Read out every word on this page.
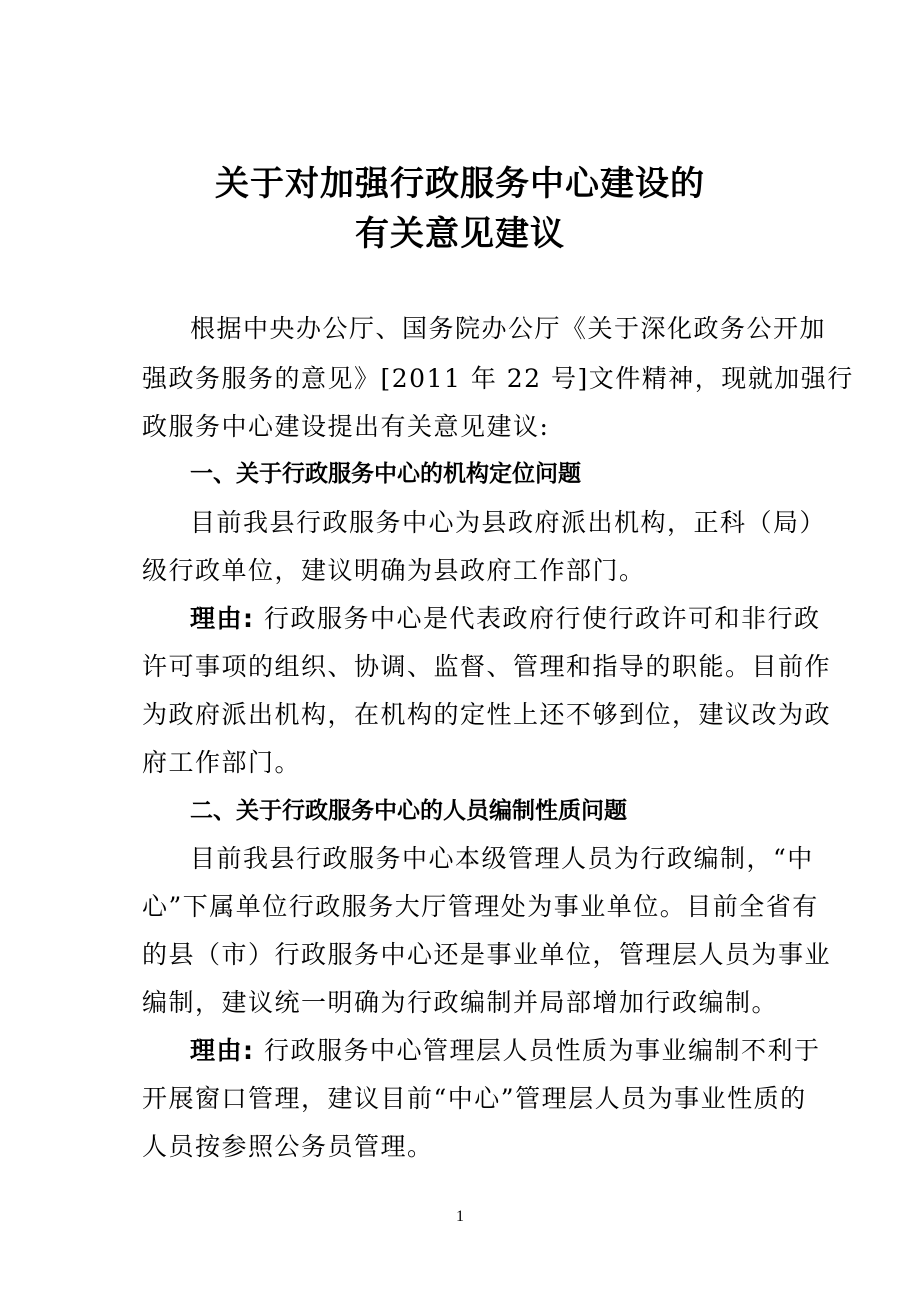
关于对加强行政服务中心建设的
有关意见建议
根据中央办公厅、国务院办公厅《关于深化政务公开加
强政务服务的意见》[2011 年 22 号]文件精神，现就加强行
政服务中心建设提出有关意见建议:
一、关于行政服务中心的机构定位问题
目前我县行政服务中心为县政府派出机构，正科（局）
级行政单位，建议明确为县政府工作部门。
理由: 行政服务中心是代表政府行使行政许可和非行政
许可事项的组织、协调、监督、管理和指导的职能。目前作
为政府派出机构，在机构的定性上还不够到位，建议改为政
府工作部门。
二、关于行政服务中心的人员编制性质问题
目前我县行政服务中心本级管理人员为行政编制，“中
心”下属单位行政服务大厅管理处为事业单位。目前全省有
的县（市）行政服务中心还是事业单位，管理层人员为事业
编制，建议统一明确为行政编制并局部增加行政编制。
理由: 行政服务中心管理层人员性质为事业编制不利于
开展窗口管理，建议目前“中心”管理层人员为事业性质的
人员按参照公务员管理。
1
